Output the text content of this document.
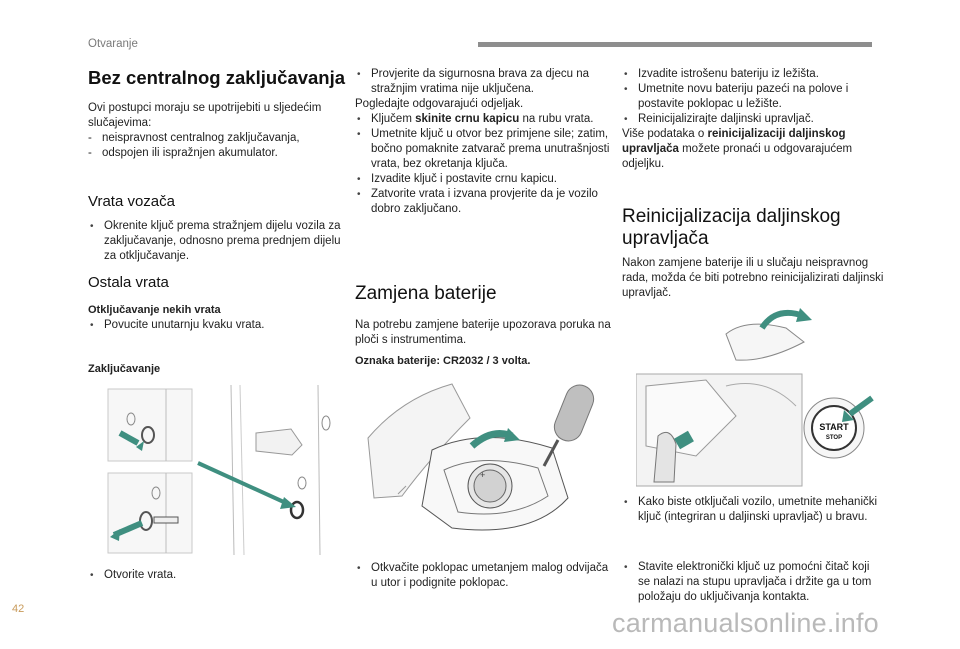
Otvaranje
Bez centralnog zaključavanja

Ovi postupci moraju se upotrijebiti u sljedećim slučajevima:

- neispravnost centralnog zaključavanja,
- odspojen ili ispražnjen akumulator.
Vrata vozača
• Okrenite ključ prema stražnjem dijelu vozila za zaključavanje, odnosno prema prednjem dijelu za otključavanje.
Ostala vrata
Otključavanje nekih vrata
• Povucite unutarnju kvaku vrata.
Zaključavanje
• Otvorite vrata.
• Provjerite da sigurnosna brava za djecu na stražnjim vratima nije uključena.
Pogledajte odgovarajući odjeljak.
• Ključem skinite crnu kapicu na rubu vrata.
• Umetnite ključ u otvor bez primjene sile; zatim, bočno pomaknite zatvarač prema unutrašnjosti vrata, bez okretanja ključa.
• Izvadite ključ i postavite crnu kapicu.
• Zatvorite vrata i izvana provjerite da je vozilo dobro zaključano.
Zamjena baterije
Na potrebu zamjene baterije upozorava poruka na ploči s instrumentima.
Oznaka baterije: CR2032 / 3 volta.
+
• Otkvačite poklopac umetanjem malog odvijača u utor i podignite poklopac.
• Izvadite istrošenu bateriju iz ležišta.
• Umetnite novu bateriju pazeći na polove i postavite poklopac u ležište.
• Reinicijalizirajte daljinski upravljač.
Više podataka o reinicijalizaciji daljinskog upravljača možete pronaći u odgovarajućem odjeljku.
Reinicijalizacija daljinskog upravljača
Nakon zamjene baterije ili u slučaju neispravnog rada, možda će biti potrebno reinicijalizirati daljinski upravljač.
START
STOP
• Kako biste otključali vozilo, umetnite mehanički ključ (integriran u daljinski upravljač) u bravu.
• Stavite elektronički ključ uz pomoćni čitač koji se nalazi na stupu upravljača i držite ga u tom položaju do uključivanja kontakta.
42	carmanualsonline.info
